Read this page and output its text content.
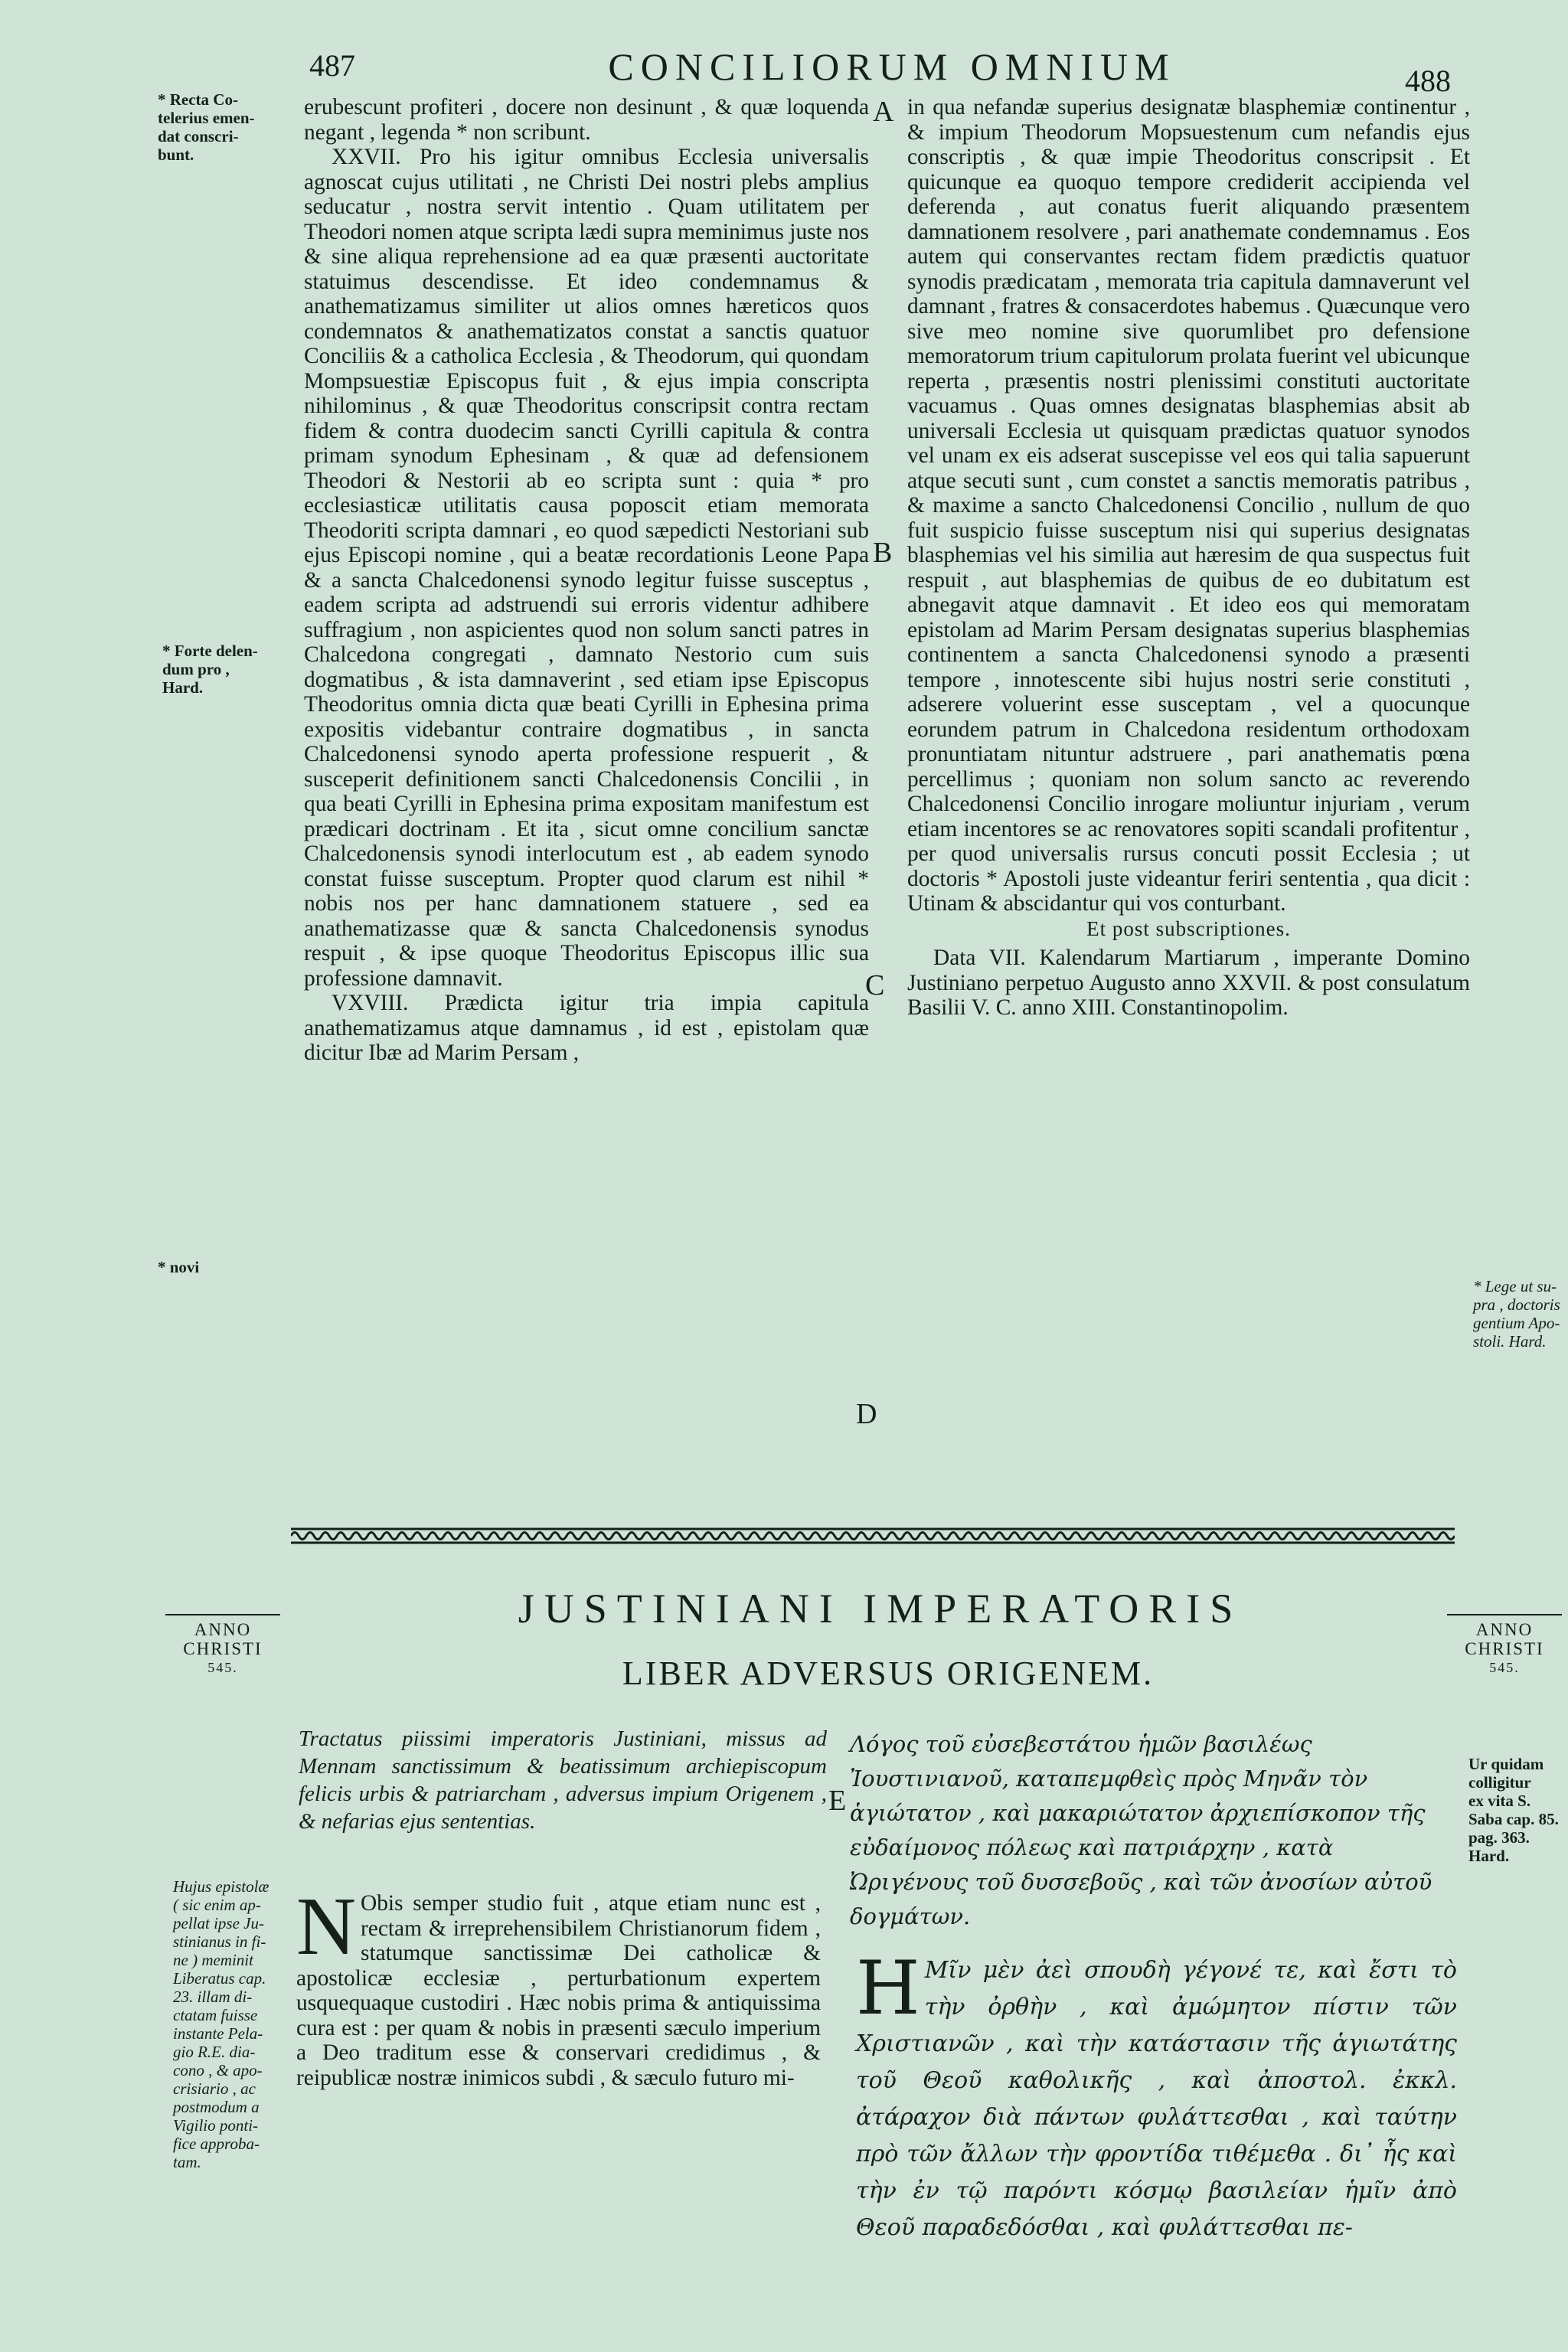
487	CONCILIORUM OMNIUM	488
* Recta Co-
telerius emen-
dat conscri-
bunt.
* Forte delen-
dum pro ,
Hard.
* novi
* Lege ut su-
pra , doctoris
gentium Apo-
stoli. Hard.
Ur quidam
colligitur
ex vita S.
Saba cap. 85.
pag. 363.
Hard.
Hujus epistolæ
( sic enim ap-
pellat ipse Ju-
stinianus in fi-
ne ) meminit
Liberatus cap.
23. illam di-
ctatam fuisse
instante Pela-
gio R.E. dia-
cono , & apo-
crisiario , ac
postmodum a
Vigilio ponti-
fice approba-
tam.
A
B
C
D
E

erubescunt profiteri , docere non desinunt , & quæ loquenda negant , legenda * non scribunt.

XXVII. Pro his igitur omnibus Ecclesia universalis agnoscat cujus utilitati , ne Christi Dei nostri plebs amplius seducatur , nostra servit intentio . Quam utilitatem per Theodori nomen atque scripta lædi supra meminimus juste nos & sine aliqua reprehensione ad ea quæ præsenti auctoritate statuimus descendisse. Et ideo condemnamus & anathematizamus similiter ut alios omnes hæreticos quos condemnatos & anathematizatos constat a sanctis quatuor Conciliis & a catholica Ecclesia , & Theodorum, qui quondam Mompsuestiæ Episcopus fuit , & ejus impia conscripta nihilominus , & quæ Theodoritus conscripsit contra rectam fidem & contra duodecim sancti Cyrilli capitula & contra primam synodum Ephesinam , & quæ ad defensionem Theodori & Nestorii ab eo scripta sunt : quia * pro ecclesiasticæ utilitatis causa poposcit etiam memorata Theodoriti scripta damnari , eo quod sæpedicti Nestoriani sub ejus Episcopi nomine , qui a beatæ recordationis Leone Papa & a sancta Chalcedonensi synodo legitur fuisse susceptus , eadem scripta ad adstruendi sui erroris videntur adhibere suffragium , non aspicientes quod non solum sancti patres in Chalcedona congregati , damnato Nestorio cum suis dogmatibus , & ista damnaverint , sed etiam ipse Episcopus Theodoritus omnia dicta quæ beati Cyrilli in Ephesina prima expositis videbantur contraire dogmatibus , in sancta Chalcedonensi synodo aperta professione respuerit , & susceperit definitionem sancti Chalcedonensis Concilii , in qua beati Cyrilli in Ephesina prima expositam manifestum est prædicari doctrinam . Et ita , sicut omne concilium sanctæ Chalcedonensis synodi interlocutum est , ab eadem synodo constat fuisse susceptum. Propter quod clarum est nihil * nobis nos per hanc damnationem statuere , sed ea anathematizasse quæ & sancta Chalcedonensis synodus respuit , & ipse quoque Theodoritus Episcopus illic sua professione damnavit.

VXVIII. Prædicta igitur tria impia capitula anathematizamus atque damnamus , id est , epistolam quæ dicitur Ibæ ad Marim Persam ,

in qua nefandæ superius designatæ blasphemiæ continentur , & impium Theodorum Mopsuestenum cum nefandis ejus conscriptis , & quæ impie Theodoritus conscripsit . Et quicunque ea quoquo tempore crediderit accipienda vel deferenda , aut conatus fuerit aliquando præsentem damnationem resolvere , pari anathemate condemnamus . Eos autem qui conservantes rectam fidem prædictis quatuor synodis prædicatam , memorata tria capitula damnaverunt vel damnant , fratres & consacerdotes habemus . Quæcunque vero sive meo nomine sive quorumlibet pro defensione memoratorum trium capitulorum prolata fuerint vel ubicunque reperta , præsentis nostri plenissimi constituti auctoritate vacuamus . Quas omnes designatas blasphemias absit ab universali Ecclesia ut quisquam prædictas quatuor synodos vel unam ex eis adserat suscepisse vel eos qui talia sapuerunt atque secuti sunt , cum constet a sanctis memoratis patribus , & maxime a sancto Chalcedonensi Concilio , nullum de quo fuit suspicio fuisse susceptum nisi qui superius designatas blasphemias vel his similia aut hæresim de qua suspectus fuit respuit , aut blasphemias de quibus de eo dubitatum est abnegavit atque damnavit . Et ideo eos qui memoratam epistolam ad Marim Persam designatas superius blasphemias continentem a sancta Chalcedonensi synodo a præsenti tempore , innotescente sibi hujus nostri serie constituti , adserere voluerint esse susceptam , vel a quocunque eorundem patrum in Chalcedona residentum orthodoxam pronuntiatam nituntur adstruere , pari anathematis pœna percellimus ; quoniam non solum sancto ac reverendo Chalcedonensi Concilio inrogare moliuntur injuriam , verum etiam incentores se ac renovatores sopiti scandali profitentur , per quod universalis rursus concuti possit Ecclesia ; ut doctoris * Apostoli juste videantur feriri sententia , qua dicit : Utinam & abscidantur qui vos conturbant.

Et post subscriptiones.

Data VII. Kalendarum Martiarum , imperante Domino Justiniano perpetuo Augusto anno XXVII. & post consulatum Basilii V. C. anno XIII. Constantinopolim.

ANNO
CHRISTI
545.
ANNO
CHRISTI
545.
JUSTINIANI IMPERATORIS
LIBER ADVERSUS ORIGENEM.
Tractatus piissimi imperatoris Justiniani, missus ad Mennam sanctissimum & beatissimum archiepiscopum felicis urbis & patriarcham , adversus impium Origenem , & nefarias ejus sententias.
Λόγος τοῦ εὐσεβεστάτου ἡμῶν βασιλέως Ἰουστινιανοῦ, καταπεμφθεὶς πρὸς Μηνᾶν τὸν ἁγιώτατον , καὶ μακαριώτατον ἀρχιεπίσκοπον τῆς εὐδαίμονος πόλεως καὶ πατριάρχην , κατὰ Ὠριγένους τοῦ δυσσεβοῦς , καὶ τῶν ἀνοσίων αὐτοῦ δογμάτων.
N Obis semper studio fuit , atque etiam nunc est , rectam & irreprehensibilem Christianorum fidem , statumque sanctissimæ Dei catholicæ & apostolicæ ecclesiæ , perturbationum expertem usquequaque custodiri . Hæc nobis prima & antiquissima cura est : per quam & nobis in præsenti sæculo imperium a Deo traditum esse & conservari credidimus , & reipublicæ nostræ inimicos subdi , & sæculo futuro mi-
Η Μῖν μὲν ἀεὶ σπουδὴ γέγονέ τε, καὶ ἔστι τὸ τὴν ὀρθὴν , καὶ ἀμώμητον πίστιν τῶν Χριστιανῶν , καὶ τὴν κατάστασιν τῆς ἁγιωτάτης τοῦ Θεοῦ καθολικῆς , καὶ ἀποστολ. ἐκκλ. ἀτάραχον διὰ πάντων φυλάττεσθαι , καὶ ταύτην πρὸ τῶν ἄλλων τὴν φροντίδα τιθέμεθα . δι᾽ ἧς καὶ τὴν ἐν τῷ παρόντι κόσμῳ βασιλείαν ἡμῖν ἀπὸ Θεοῦ παραδεδόσθαι , καὶ φυλάττεσθαι πε-
